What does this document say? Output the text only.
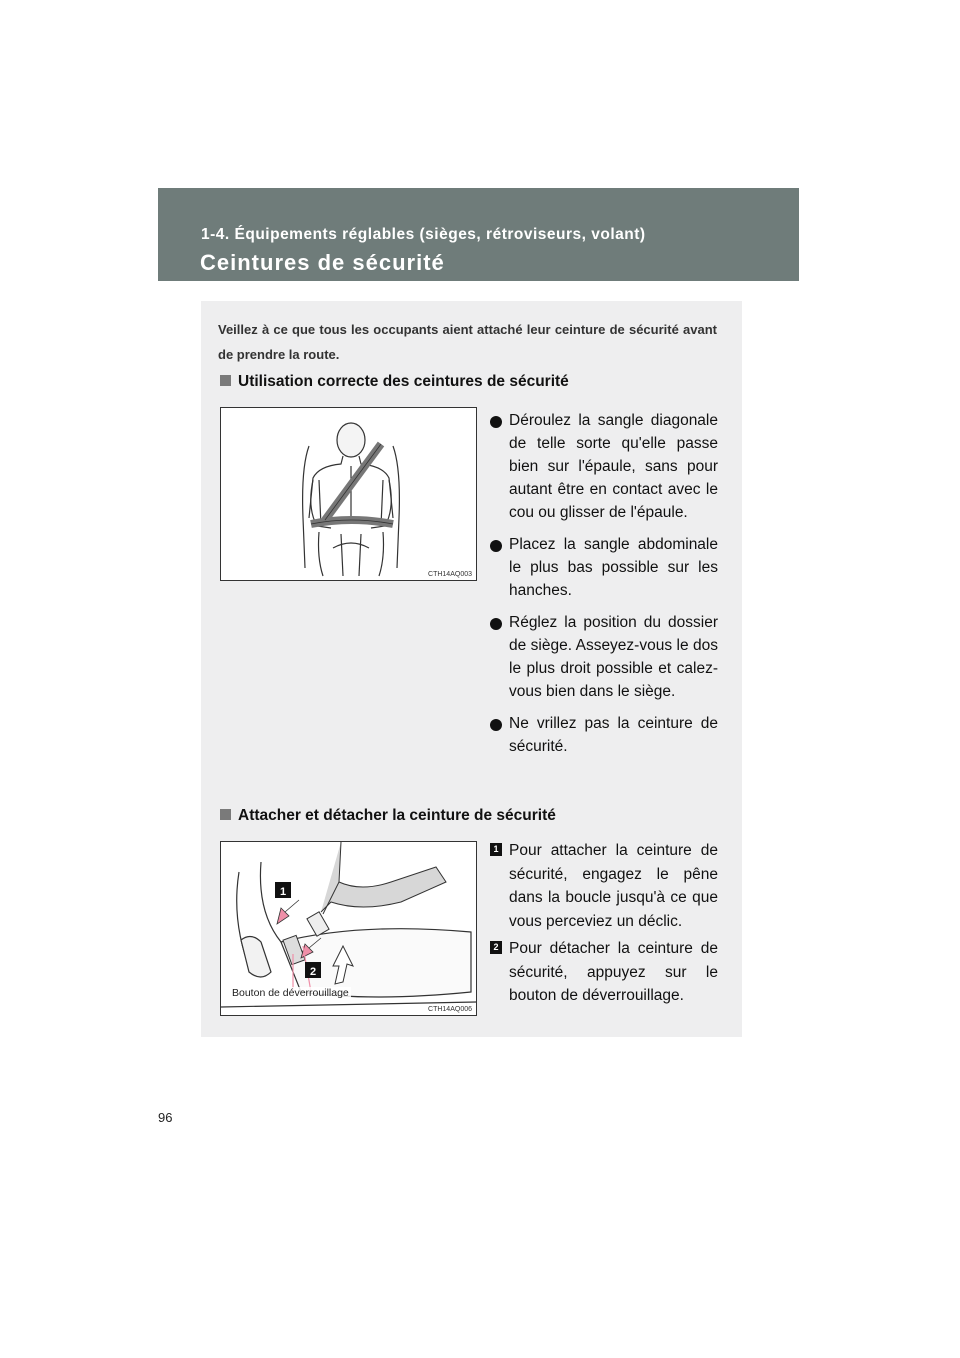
1-4. Équipements réglables (sièges, rétroviseurs, volant)
Ceintures de sécurité
Veillez à ce que tous les occupants aient attaché leur ceinture de sécurité avant de prendre la route.
Utilisation correcte des ceintures de sécurité
CTH14AQ003
Déroulez la sangle diagonale de telle sorte qu'elle passe bien sur l'épaule, sans pour autant être en contact avec le cou ou glisser de l'épaule.
Placez la sangle abdominale le plus bas possible sur les hanches.
Réglez la position du dossier de siège. Asseyez-vous le dos le plus droit possible et calez-vous bien dans le siège.
Ne vrillez pas la ceinture de sécurité.
Attacher et détacher la ceinture de sécurité
1
2
Bouton de déverrouillage
CTH14AQ006
1 Pour attacher la ceinture de sécurité, engagez le pêne dans la boucle jusqu'à ce que vous perceviez un déclic.
2 Pour détacher la ceinture de sécurité, appuyez sur le bouton de déverrouillage.
96
